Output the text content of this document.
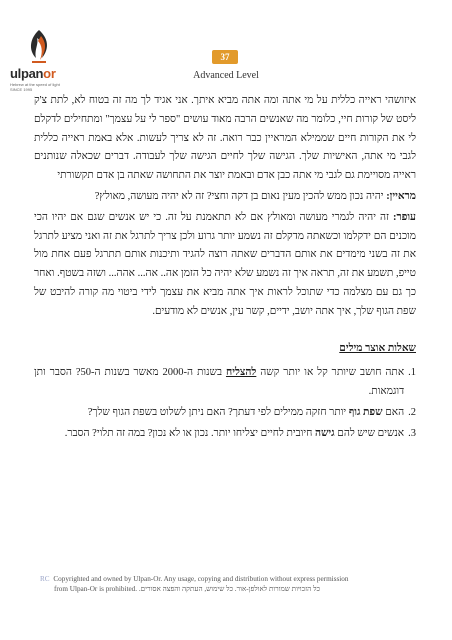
ulpanor
Hebrew at the speed of light
SINCE 1995
37
Advanced Level

איזושהי ראייה כללית על מי אתה ומה אתה מביא איתך. אני אגיד לך מה זה בטוח לא, לתת צ'ק ליסט של קורות חיי, כלומר מה שאנשים הרבה מאוד עושים "ספר לי על עצמך" ומתחילים לדקלם לי את הקורות חיים שממילא המראיין כבר רואה. זה לא צריך לעשות. אלא באמת ראייה כללית לגבי מי אתה, האישיות שלך. הגישה שלך לחיים הגישה שלך לעבודה. דברים שכאלה שנותנים ראייה מסויימת גם לגבי מי אתה כבן אדם ובאמת יוצר את התחושה שאתה בן אדם תקשורתי

מראיין: יהיה נכון ממש להכין מעין נאום בן דקה וחצי? זה לא יהיה מעושה, מאולץ?

עופר: זה יהיה לגמרי מעושה ומאולץ אם לא תתאמנת על זה. כי יש אנשים שגם אם יהיו הכי מוכנים הם ידקלמו וכשאתה מדקלם זה נשמע יותר גרוע ולכן צריך לתרגל את זה ואני מציע לתרגל את זה בשני מימדים את אותם הדברים שאתה רוצה להגיד ותיכנות אותם תתרגל פעם אחת מול טייפ, תשמע את זה, תראה איך זה נשמע שלא יהיה כל הזמן אה.. אה... אהה... ושזה בשטף. ואחר כך גם עם מצלמה כדי שתוכל לראות איך אתה מביא את עצמך לידי ביטוי מה קורה להיבט של שפת הגוף שלך, איך אתה יושב, ידיים, קשר עין, אנשים לא מודעים.

שאלות אוצר מילים
1.
אתה חושב שיותר קל או יותר קשה להצליח בשנות ה-2000 מאשר בשנות ה-50? הסבר ותן דוגמאות.
2.
האם שפת גוף יותר חזקה ממילים לפי דעתך? האם ניתן לשלוט בשפת הגוף שלך?
3.
אנשים שיש להם גישה חיובית לחיים יצליחו יותר. נכון או לא נכון? במה זה תלוי? הסבר.
RC Copyrighted and owned by Ulpan-Or. Any usage, copying and distribution without express permission
from Ulpan-Or is prohibited. כל הזכויות שמורות לאולפן-אור. כל שימוש, העתקה והפצה אסורים.
